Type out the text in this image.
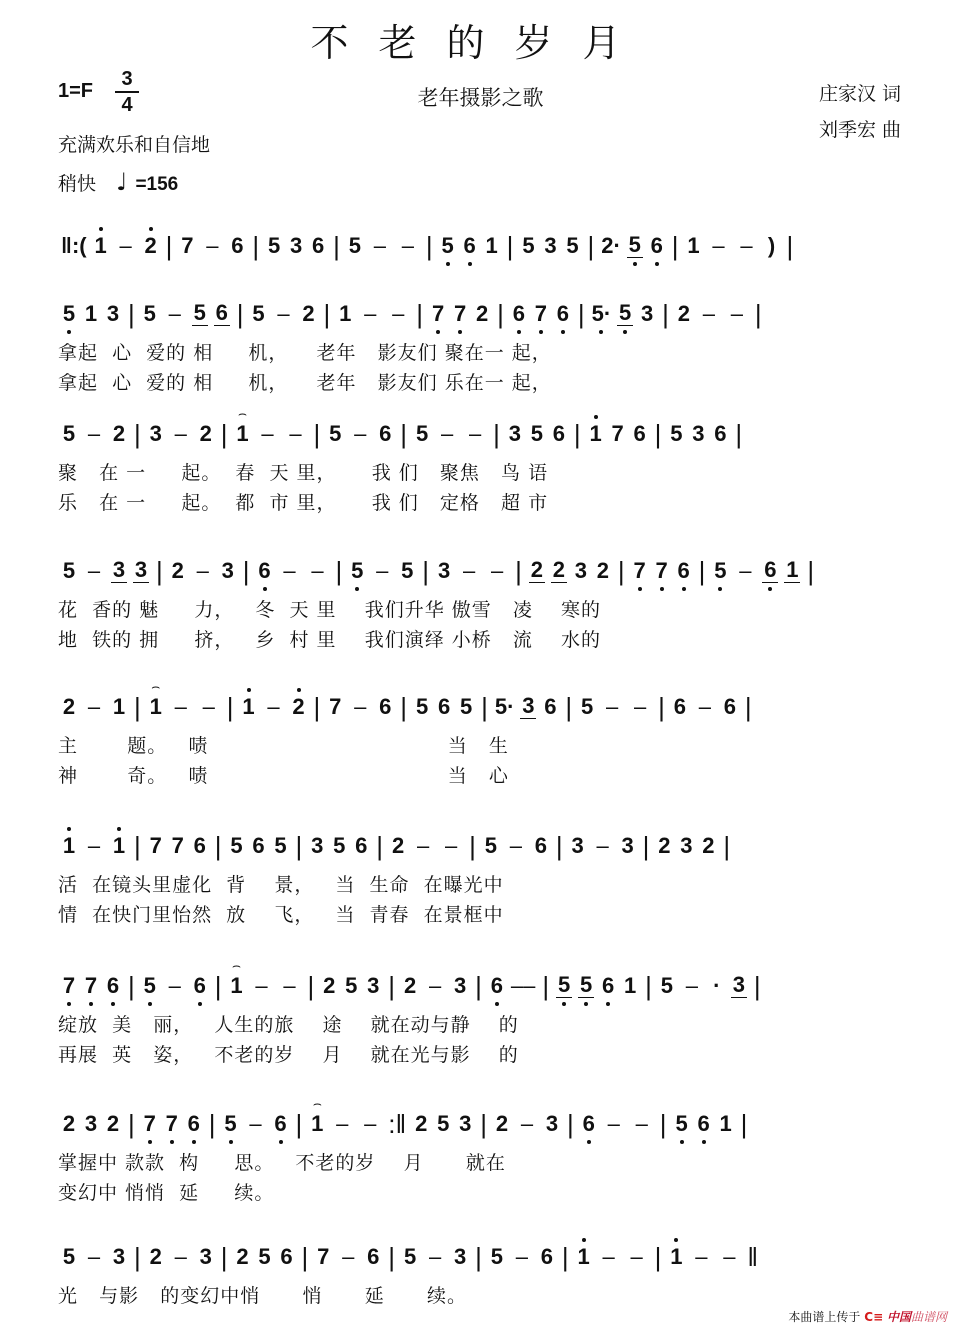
不老的岁月
1=F
3
4	老年摄影之歌	庄家汉 词
刘季宏 曲
充满欢乐和自信地
稍快 ♩ =156
‖:( 1 – 2 | 7 – 6 | 5 3 6 | 5 – – | 5 6 1 | 5 3 5 | 2· 5 6 | 1 – – ) |
5 1 3 | 5 – 5 6 | 5 – 2 | 1 – – | 7 7 2 | 6 7 6 | 5· 5 3 | 2 – – |
拿起  心  爱的 相     机，    老年   影友们 聚在一 起，
拿起  心  爱的 相     机，    老年   影友们 乐在一 起，
5 – 2 | 3 – 2 | ⌢ 1 – – | 5 – 6 | 5 – – | 3 5 6 | 1 7 6 | 5 3 6 |
聚   在 一     起。  春  天 里，     我 们   聚焦   鸟 语
乐   在 一     起。  都  市 里，     我 们   定格   超 市
5 – 3 3 | 2 – 3 | 6 – – | 5 – 5 | 3 – – | 2 2 3 2 | 7 7 6 | 5 – 6 1 |
花  香的 魅     力，   冬  天 里    我们升华 傲雪   凌    寒的
地  铁的 拥     挤，   乡  村 里    我们演绎 小桥   流    水的
2 – 1 | ⌢ 1 – – | 1 – 2 | 7 – 6 | 5 6 5 | 5· 3 6 | 5 – – | 6 – 6 |
主       题。   啧                                  当   生
神       奇。   啧                                  当   心
1 – 1 | 7 7 6 | 5 6 5 | 3 5 6 | 2 – – | 5 – 6 | 3 – 3 | 2 3 2 |
活  在镜头里虚化  背    景，   当  生命  在曝光中
情  在快门里怡然  放    飞，   当  青春  在景框中
7 7 6 | 5 – 6 | ⌢ 1 – – | 2 5 3 | 2 – 3 | 6 –– | 5 5 6 1 | 5 – · 3 |
绽放  美   丽，   人生的旅    途    就在动与静    的
再展  英   姿，   不老的岁    月    就在光与影    的
2 3 2 | 7 7 6 | 5 – 6 | ⌢ 1 – – :‖ 2 5 3 | 2 – 3 | 6 – – | 5 6 1 |
掌握中 款款  构     思。   不老的岁    月      就在
变幻中 悄悄  延     续。
5 – 3 | 2 – 3 | 2 5 6 | 7 – 6 | 5 – 3 | 5 – 6 | 1 – – | 1 – – ‖
光   与影   的变幻中悄      悄      延      续。
本曲谱上传于 C≡ 中国曲谱网
